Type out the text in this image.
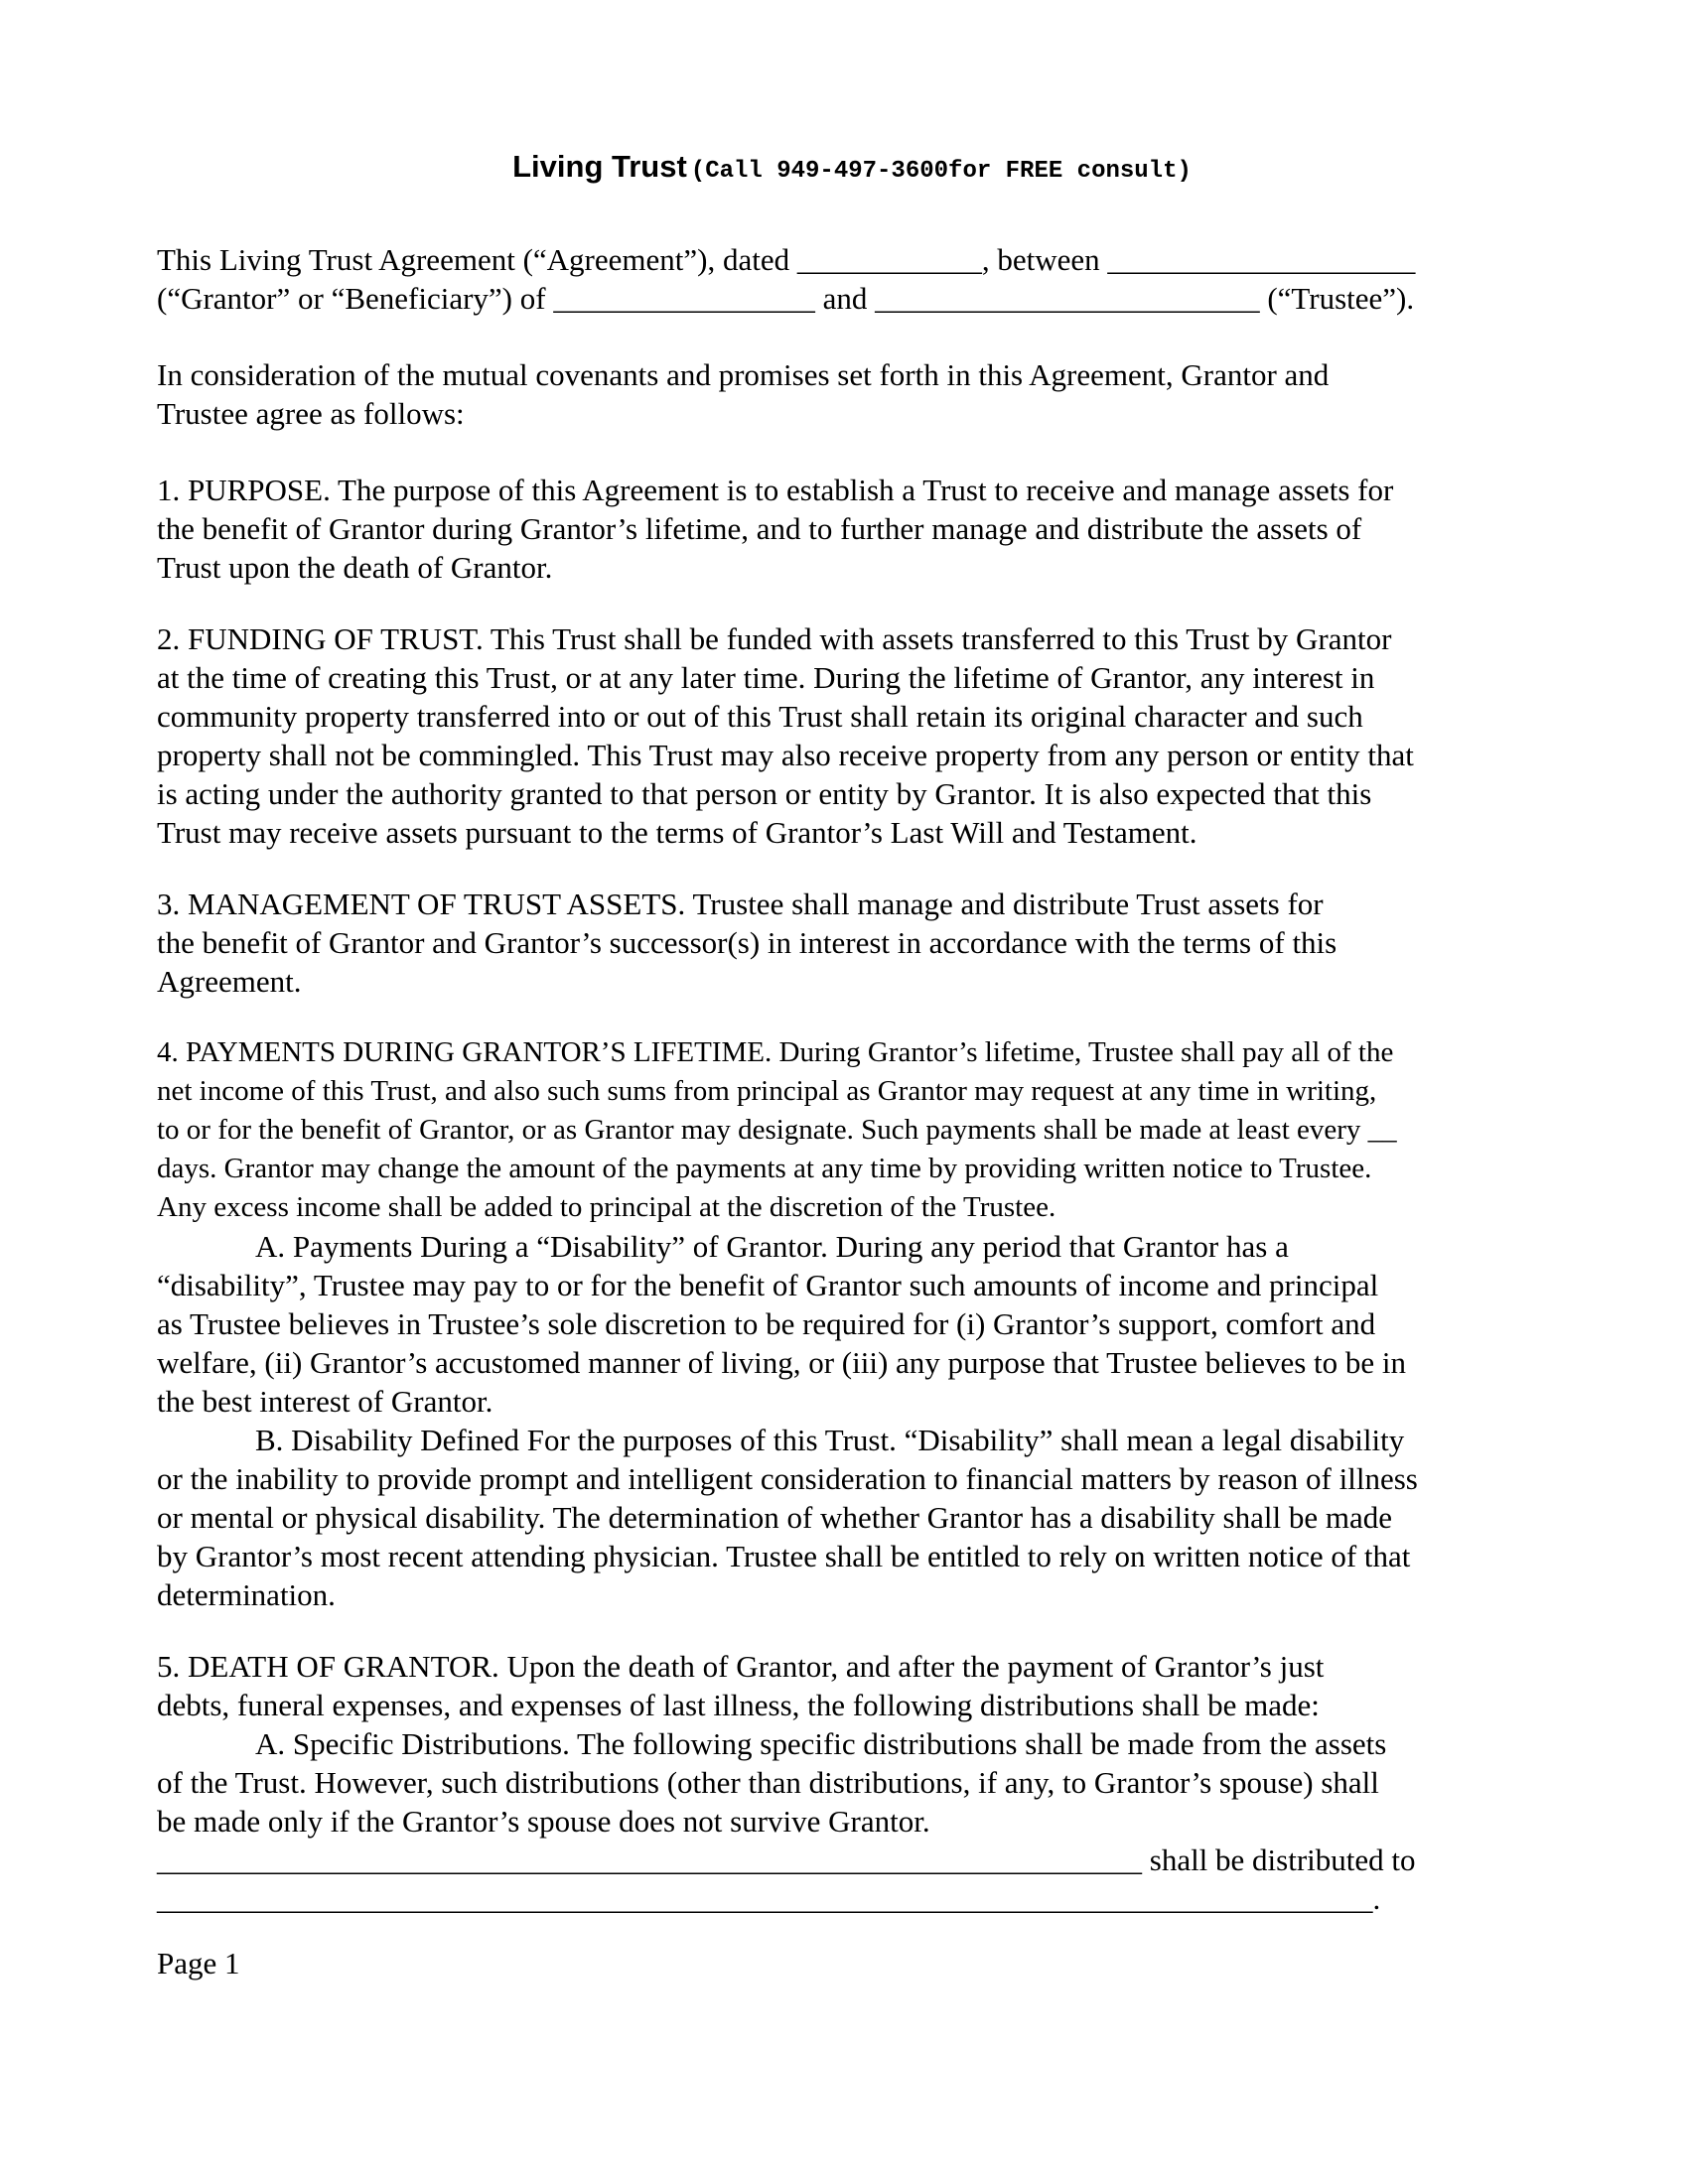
Living Trust (Call 949-497-3600for FREE consult)
This Living Trust Agreement (“Agreement”), dated ____________, between ____________________
(“Grantor” or “Beneficiary”) of _________________ and _________________________ (“Trustee”).
In consideration of the mutual covenants and promises set forth in this Agreement, Grantor and
Trustee agree as follows:
1. PURPOSE. The purpose of this Agreement is to establish a Trust to receive and manage assets for
the benefit of Grantor during Grantor’s lifetime, and to further manage and distribute the assets of
Trust upon the death of Grantor.
2. FUNDING OF TRUST. This Trust shall be funded with assets transferred to this Trust by Grantor
at the time of creating this Trust, or at any later time. During the lifetime of Grantor, any interest in
community property transferred into or out of this Trust shall retain its original character and such
property shall not be commingled. This Trust may also receive property from any person or entity that
is acting under the authority granted to that person or entity by Grantor. It is also expected that this
Trust may receive assets pursuant to the terms of Grantor’s Last Will and Testament.
3. MANAGEMENT OF TRUST ASSETS. Trustee shall manage and distribute Trust assets for
the benefit of Grantor and Grantor’s successor(s) in interest in accordance with the terms of this
Agreement.
4. PAYMENTS DURING GRANTOR’S LIFETIME. During Grantor’s lifetime, Trustee shall pay all of the
net income of this Trust, and also such sums from principal as Grantor may request at any time in writing,
to or for the benefit of Grantor, or as Grantor may designate. Such payments shall be made at least every __
days. Grantor may change the amount of the payments at any time by providing written notice to Trustee.
Any excess income shall be added to principal at the discretion of the Trustee.
A. Payments During a “Disability” of Grantor. During any period that Grantor has a
“disability”, Trustee may pay to or for the benefit of Grantor such amounts of income and principal
as Trustee believes in Trustee’s sole discretion to be required for (i) Grantor’s support, comfort and
welfare, (ii) Grantor’s accustomed manner of living, or (iii) any purpose that Trustee believes to be in
the best interest of Grantor.
B. Disability Defined For the purposes of this Trust. “Disability” shall mean a legal disability
or the inability to provide prompt and intelligent consideration to financial matters by reason of illness
or mental or physical disability. The determination of whether Grantor has a disability shall be made
by Grantor’s most recent attending physician. Trustee shall be entitled to rely on written notice of that
determination.
5. DEATH OF GRANTOR. Upon the death of Grantor, and after the payment of Grantor’s just
debts, funeral expenses, and expenses of last illness, the following distributions shall be made:
A. Specific Distributions. The following specific distributions shall be made from the assets
of the Trust. However, such distributions (other than distributions, if any, to Grantor’s spouse) shall
be made only if the Grantor’s spouse does not survive Grantor.
________________________________________________________________ shall be distributed to
_______________________________________________________________________________.
Page 1
